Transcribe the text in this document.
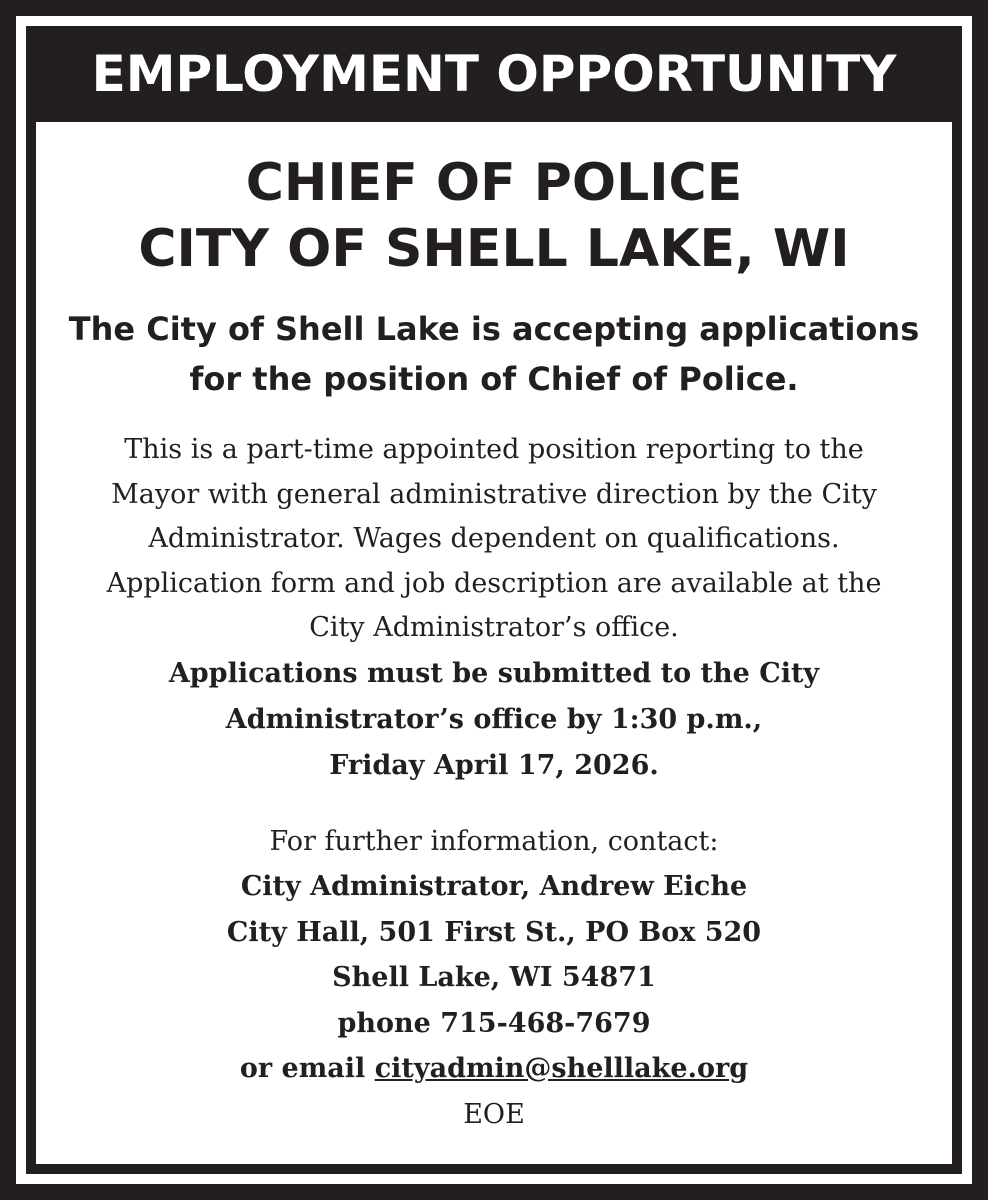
EMPLOYMENT OPPORTUNITY
CHIEF OF POLICE
CITY OF SHELL LAKE, WI
The City of Shell Lake is accepting applications
for the position of Chief of Police.
This is a part-time appointed position reporting to the
Mayor with general administrative direction by the City
Administrator. Wages dependent on qualifications.
Application form and job description are available at the
City Administrator’s office.
Applications must be submitted to the City
Administrator’s office by 1:30 p.m.,
Friday April 17, 2026.
For further information, contact:
City Administrator, Andrew Eiche
City Hall, 501 First St., PO Box 520
Shell Lake, WI 54871
phone 715-468-7679
or email cityadmin@shelllake.org
EOE
